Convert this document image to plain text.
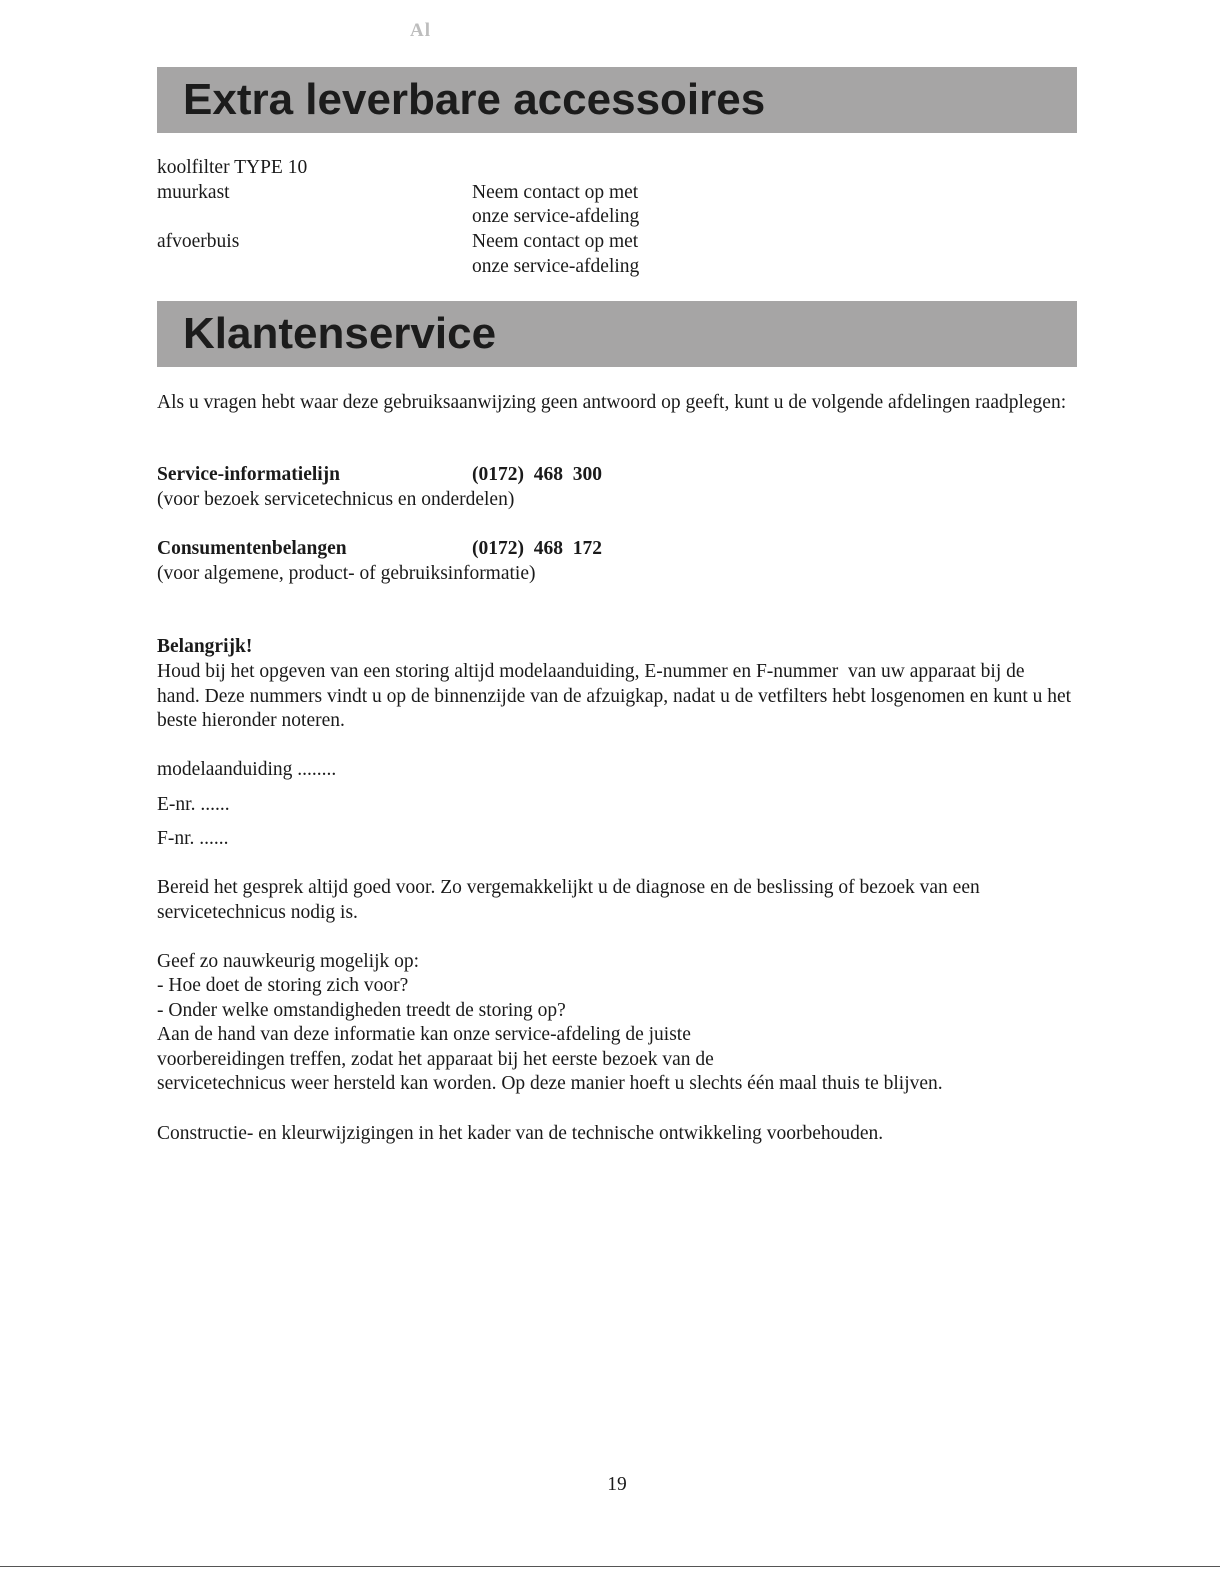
Al
Extra leverbare accessoires
koolfilter TYPE 10
muurkast	Neem contact op met
onze service-afdeling
afvoerbuis	Neem contact op met
onze service-afdeling
Klantenservice
Als u vragen hebt waar deze gebruiksaanwijzing geen antwoord op geeft, kunt u de volgende afdelingen raadplegen:
Service-informatielijn	(0172)  468  300
(voor bezoek servicetechnicus en onderdelen)
Consumentenbelangen	(0172)  468  172
(voor algemene, product- of gebruiksinformatie)
Belangrijk!
Houd bij het opgeven van een storing altijd modelaanduiding, E-nummer en F-nummer  van uw apparaat bij de hand. Deze nummers vindt u op de binnenzijde van de afzuigkap, nadat u de vetfilters hebt losgenomen en kunt u het beste hieronder noteren.
modelaanduiding ........
E-nr. ......
F-nr. ......
Bereid het gesprek altijd goed voor. Zo vergemakkelijkt u de diagnose en de beslissing of bezoek van een servicetechnicus nodig is.
Geef zo nauwkeurig mogelijk op:
- Hoe doet de storing zich voor?
- Onder welke omstandigheden treedt de storing op?
Aan de hand van deze informatie kan onze service-afdeling de juiste
voorbereidingen treffen, zodat het apparaat bij het eerste bezoek van de
servicetechnicus weer hersteld kan worden. Op deze manier hoeft u slechts één maal thuis te blijven.
Constructie- en kleurwijzigingen in het kader van de technische ontwikkeling voorbehouden.
19
